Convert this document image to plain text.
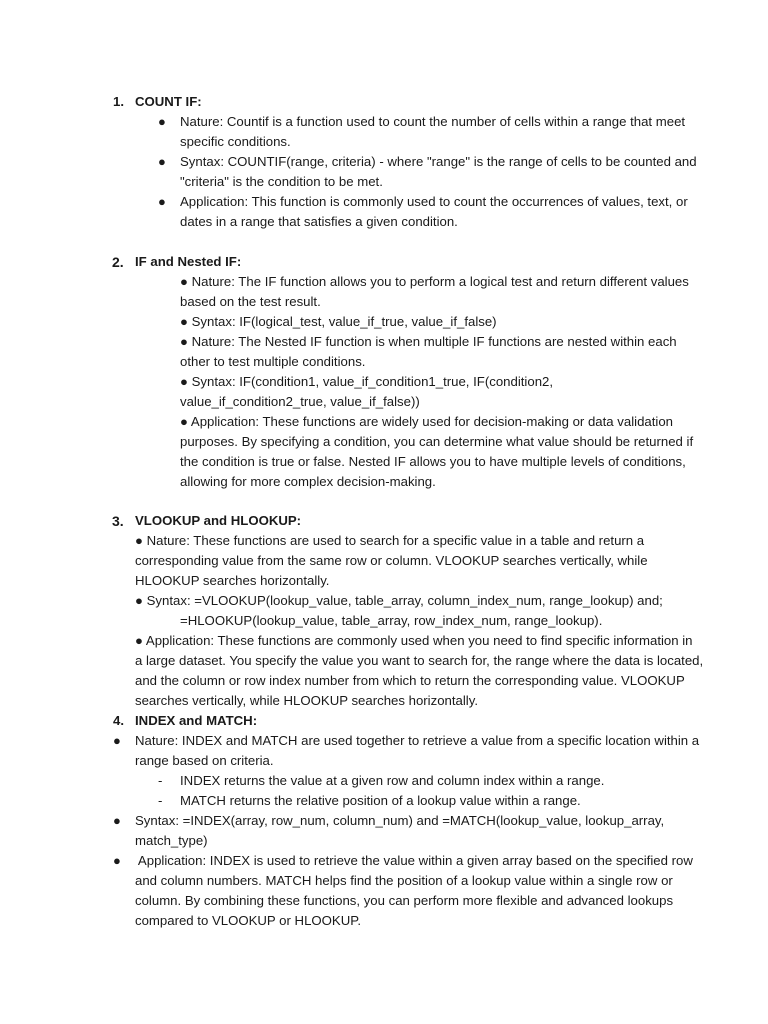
1. COUNT IF:
● Nature: Countif is a function used to count the number of cells within a range that meet
specific conditions.
● Syntax: COUNTIF(range, criteria) - where "range" is the range of cells to be counted and
"criteria" is the condition to be met.
● Application: This function is commonly used to count the occurrences of values, text, or
dates in a range that satisfies a given condition.
2. IF and Nested IF:
● Nature: The IF function allows you to perform a logical test and return different values
based on the test result.
● Syntax: IF(logical_test, value_if_true, value_if_false)
● Nature: The Nested IF function is when multiple IF functions are nested within each
other to test multiple conditions.
● Syntax: IF(condition1, value_if_condition1_true, IF(condition2,
value_if_condition2_true, value_if_false))
● Application: These functions are widely used for decision-making or data validation
purposes. By specifying a condition, you can determine what value should be returned if
the condition is true or false. Nested IF allows you to have multiple levels of conditions,
allowing for more complex decision-making.
3. VLOOKUP and HLOOKUP:
● Nature: These functions are used to search for a specific value in a table and return a
corresponding value from the same row or column. VLOOKUP searches vertically, while
HLOOKUP searches horizontally.
● Syntax: =VLOOKUP(lookup_value, table_array, column_index_num, range_lookup) and;
=HLOOKUP(lookup_value, table_array, row_index_num, range_lookup).
● Application: These functions are commonly used when you need to find specific information in
a large dataset. You specify the value you want to search for, the range where the data is located,
and the column or row index number from which to return the corresponding value. VLOOKUP
searches vertically, while HLOOKUP searches horizontally.
4. INDEX and MATCH:
● Nature: INDEX and MATCH are used together to retrieve a value from a specific location within a
range based on criteria.
- INDEX returns the value at a given row and column index within a range.
- MATCH returns the relative position of a lookup value within a range.
● Syntax: =INDEX(array, row_num, column_num) and =MATCH(lookup_value, lookup_array,
match_type)
● Application: INDEX is used to retrieve the value within a given array based on the specified row
and column numbers. MATCH helps find the position of a lookup value within a single row or
column. By combining these functions, you can perform more flexible and advanced lookups
compared to VLOOKUP or HLOOKUP.
